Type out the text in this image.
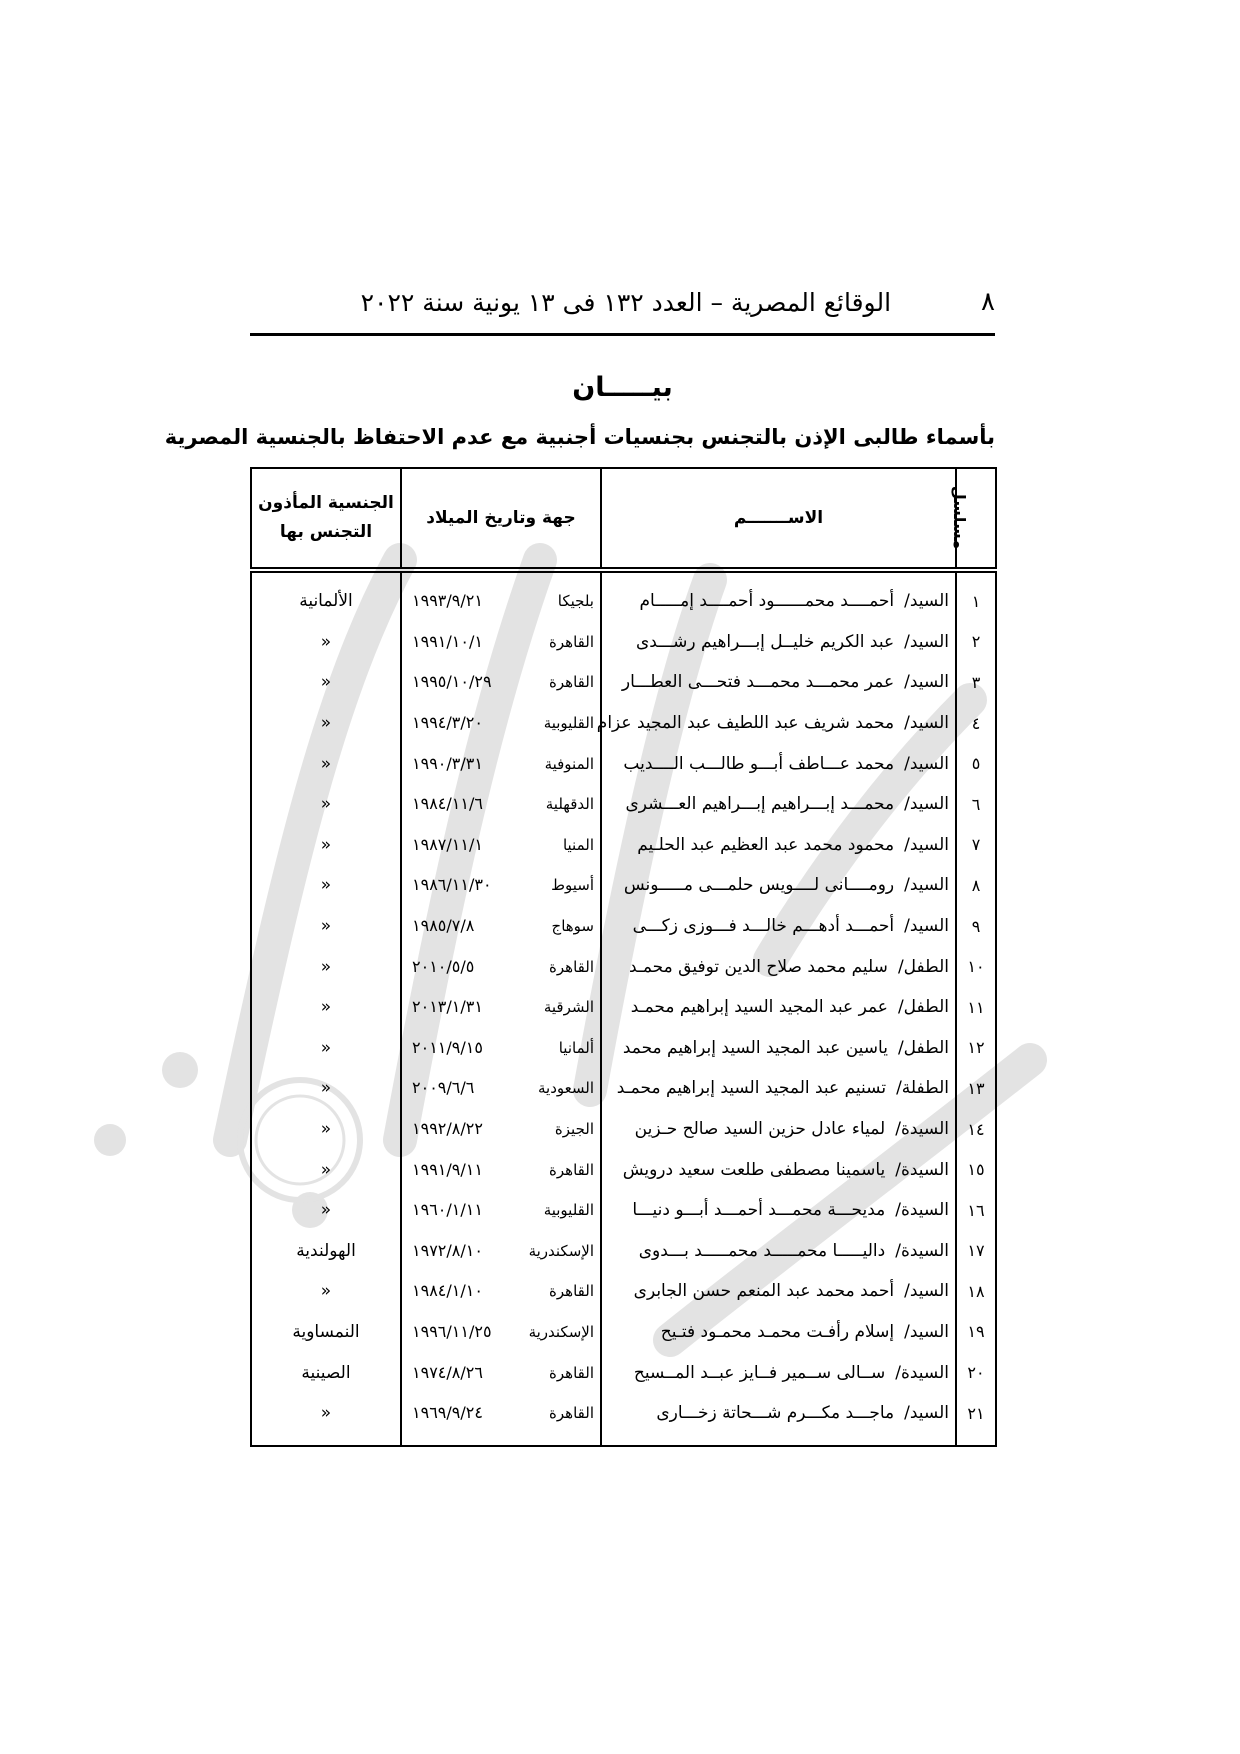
٨
الوقائع المصرية – العدد ١٣٢ فى ١٣ يونية سنة ٢٠٢٢
بيـــــان
بأسماء طالبى الإذن بالتجنس بجنسيات أجنبية مع عدم الاحتفاظ بالجنسية المصرية
مسلسل	الاســـــــم	جهة وتاريخ الميلاد	الجنسية المأذون التجنس بها
١	السيد/أحمــــد محمــــــود أحمــــد إمـــــام	بلجيكا١٩٩٣/٩/٢١	الألمانية
٢	السيد/عبد الكريم خليــل إبـــراهيم رشـــدى	القاهرة١٩٩١/١٠/١	«
٣	السيد/عمر محمـــد محمـــد فتحـــى العطـــار	القاهرة١٩٩٥/١٠/٢٩	«
٤	السيد/محمد شريف عبد اللطيف عبد المجيد عزام	القليوبية١٩٩٤/٣/٢٠	«
٥	السيد/محمد عـــاطف أبـــو طالـــب الــــديب	المنوفية١٩٩٠/٣/٣١	«
٦	السيد/محمـــد إبـــراهيم إبـــراهيم العـــشرى	الدقهلية١٩٨٤/١١/٦	«
٧	السيد/محمود محمد عبد العظيم عبد الحلـيم	المنيا١٩٨٧/١١/١	«
٨	السيد/رومــــانى لــــويس حلمـــى مـــــونس	أسيوط١٩٨٦/١١/٣٠	«
٩	السيد/أحمـــد أدهـــم خالـــد فـــوزى زكـــى	سوهاج١٩٨٥/٧/٨	«
١٠	الطفل/سليم محمد صلاح الدين توفيق محمـد	القاهرة٢٠١٠/٥/٥	«
١١	الطفل/عمر عبد المجيد السيد إبراهيم محمـد	الشرقية٢٠١٣/١/٣١	«
١٢	الطفل/ياسين عبد المجيد السيد إبراهيم محمد	ألمانيا٢٠١١/٩/١٥	«
١٣	الطفلة/تسنيم عبد المجيد السيد إبراهيم محمـد	السعودية٢٠٠٩/٦/٦	«
١٤	السيدة/لمياء عادل حزين السيد صالح حـزين	الجيزة١٩٩٢/٨/٢٢	«
١٥	السيدة/ياسمينا مصطفى طلعت سعيد درويش	القاهرة١٩٩١/٩/١١	«
١٦	السيدة/مديحـــة محمـــد أحمـــد أبـــو دنيـــا	القليوبية١٩٦٠/١/١١	«
١٧	السيدة/داليـــــا محمـــــد محمـــــد بـــدوى	الإسكندرية١٩٧٢/٨/١٠	الهولندية
١٨	السيد/أحمد محمد عبد المنعم حسن الجابرى	القاهرة١٩٨٤/١/١٠	«
١٩	السيد/إسلام رأفـت محمـد محمـود فتـيح	الإسكندرية١٩٩٦/١١/٢٥	النمساوية
٢٠	السيدة/ســالى ســمير فــايز عبــد المــسيح	القاهرة١٩٧٤/٨/٢٦	الصينية
٢١	السيد/ماجـــد مكـــرم شـــحاتة زخـــارى	القاهرة١٩٦٩/٩/٢٤	«
